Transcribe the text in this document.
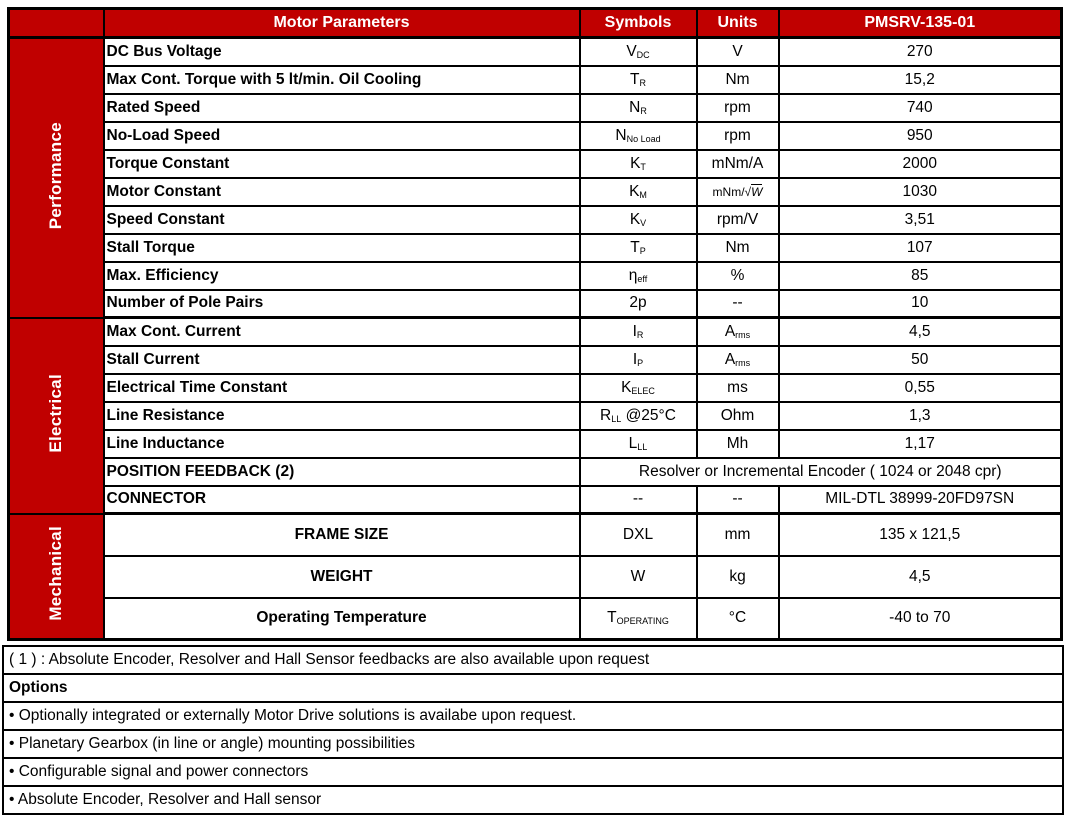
	Motor Parameters	Symbols	Units	PMSRV-135-01
Performance	DC Bus Voltage	$V_{DC}$	V	270
	Max Cont. Torque with 5 lt/min. Oil Cooling	$T_R$	Nm	15,2
	Rated Speed	$N_R$	rpm	740
	No-Load Speed	$N_{No Load}$	rpm	950
	Torque Constant	$K_T$	mNm/A	2000
	Motor Constant	$K_M$	mNm/√W	1030
	Speed Constant	$K_V$	rpm/V	3,51
	Stall Torque	$T_P$	Nm	107
	Max. Efficiency	$\eta_{eff}$	%	85
	Number of Pole Pairs	2p	--	10
Electrical	Max Cont. Current	$I_R$	$A_{rms}$	4,5
	Stall Current	$I_P$	$A_{rms}$	50
	Electrical Time Constant	$K_{ELEC}$	ms	0,55
	Line Resistance	$R_{LL}$ @25°C	Ohm	1,3
	Line Inductance	$L_{LL}$	Mh	1,17
	POSITION FEEDBACK (2)	Resolver or Incremental Encoder ( 1024 or 2048 cpr)		
	CONNECTOR	--	--	MIL-DTL 38999-20FD97SN
Mechanical	FRAME SIZE	DXL	mm	135 x 121,5
	WEIGHT	W	kg	4,5
	Operating Temperature	$T_{OPERATING}$	°C	-40 to 70
( 1 ) : Absolute Encoder, Resolver and Hall Sensor feedbacks are also available upon request
Options
• Optionally integrated or externally Motor Drive solutions is availabe upon request.
• Planetary Gearbox (in line or angle) mounting possibilities
• Configurable signal and power connectors
• Absolute Encoder, Resolver and Hall sensor
